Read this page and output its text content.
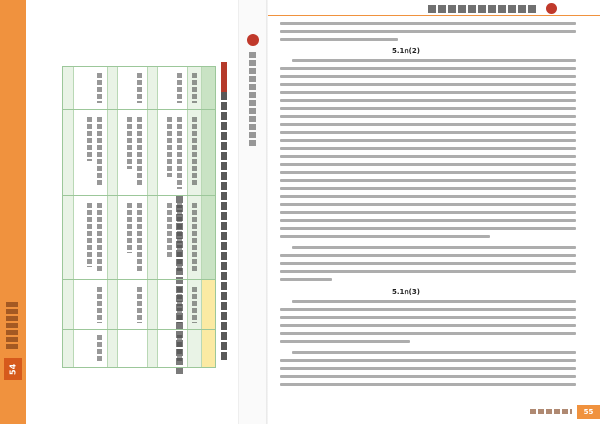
54
5.1ก(2)
5.1ก(3)
55
